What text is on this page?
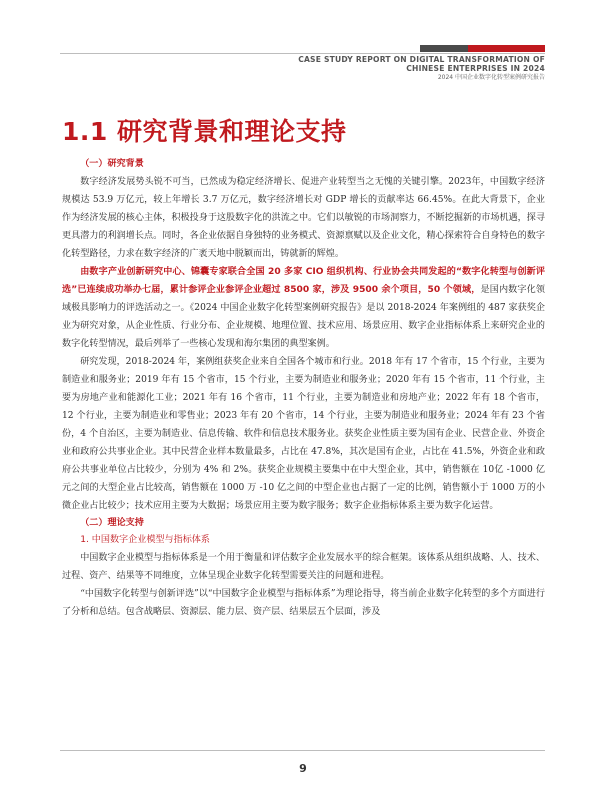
CASE STUDY REPORT ON DIGITAL TRANSFORMATION OF
CHINESE ENTERPRISES IN 2024
2024 中国企业数字化转型案例研究报告
1.1 研究背景和理论支持
（一）研究背景

数字经济发展势头锐不可当，已然成为稳定经济增长、促进产业转型当之无愧的关键引擎。2023年，中国数字经济规模达 53.9 万亿元，较上年增长 3.7 万亿元，数字经济增长对 GDP 增长的贡献率达 66.45%。在此大背景下，企业作为经济发展的核心主体，积极投身于这股数字化的洪流之中。它们以敏锐的市场洞察力，不断挖掘新的市场机遇，探寻更具潜力的利润增长点。同时，各企业依据自身独特的业务模式、资源禀赋以及企业文化，精心探索符合自身特色的数字化转型路径，力求在数字经济的广袤天地中脱颖而出，铸就新的辉煌。

由数字产业创新研究中心、锦囊专家联合全国 20 多家 CIO 组织机构、行业协会共同发起的“数字化转型与创新评选”已连续成功举办七届，累计参评企业参评企业超过 8500 家，涉及 9500 余个项目，50 个领域，是国内数字化领域极具影响力的评选活动之一。《2024 中国企业数字化转型案例研究报告》是以 2018-2024 年案例组的 487 家获奖企业为研究对象，从企业性质、行业分布、企业规模、地理位置、技术应用、场景应用、数字企业指标体系上来研究企业的数字化转型情况，最后列举了一些核心发现和海尔集团的典型案例。

研究发现，2018-2024 年，案例组获奖企业来自全国各个城市和行业。2018 年有 17 个省市，15 个行业，主要为制造业和服务业；2019 年有 15 个省市，15 个行业，主要为制造业和服务业；2020 年有 15 个省市，11 个行业，主要为房地产业和能源化工业；2021 年有 16 个省市，11 个行业，主要为制造业和房地产业；2022 年有 18 个省市，12 个行业，主要为制造业和零售业；2023 年有 20 个省市，14 个行业，主要为制造业和服务业；2024 年有 23 个省份，4 个自治区，主要为制造业、信息传输、软件和信息技术服务业。获奖企业性质主要为国有企业、民营企业、外资企业和政府公共事业企业。其中民营企业样本数量最多，占比在 47.8%，其次是国有企业，占比在 41.5%，外资企业和政府公共事业单位占比较少，分别为 4% 和 2%。获奖企业规模主要集中在中大型企业，其中，销售额在 10亿 -1000 亿元之间的大型企业占比较高，销售额在 1000 万 -10 亿之间的中型企业也占据了一定的比例，销售额小于 1000 万的小微企业占比较少；技术应用主要为大数据；场景应用主要为数字服务；数字企业指标体系主要为数字化运营。

（二）理论支持
1. 中国数字企业模型与指标体系

中国数字企业模型与指标体系是一个用于衡量和评估数字企业发展水平的综合框架。该体系从组织战略、人、技术、过程、资产、结果等不同维度，立体呈现企业数字化转型需要关注的问题和进程。

“中国数字化转型与创新评选”以“中国数字企业模型与指标体系”为理论指导，将当前企业数字化转型的多个方面进行了分析和总结。包含战略层、资源层、能力层、资产层、结果层五个层面，涉及

9
